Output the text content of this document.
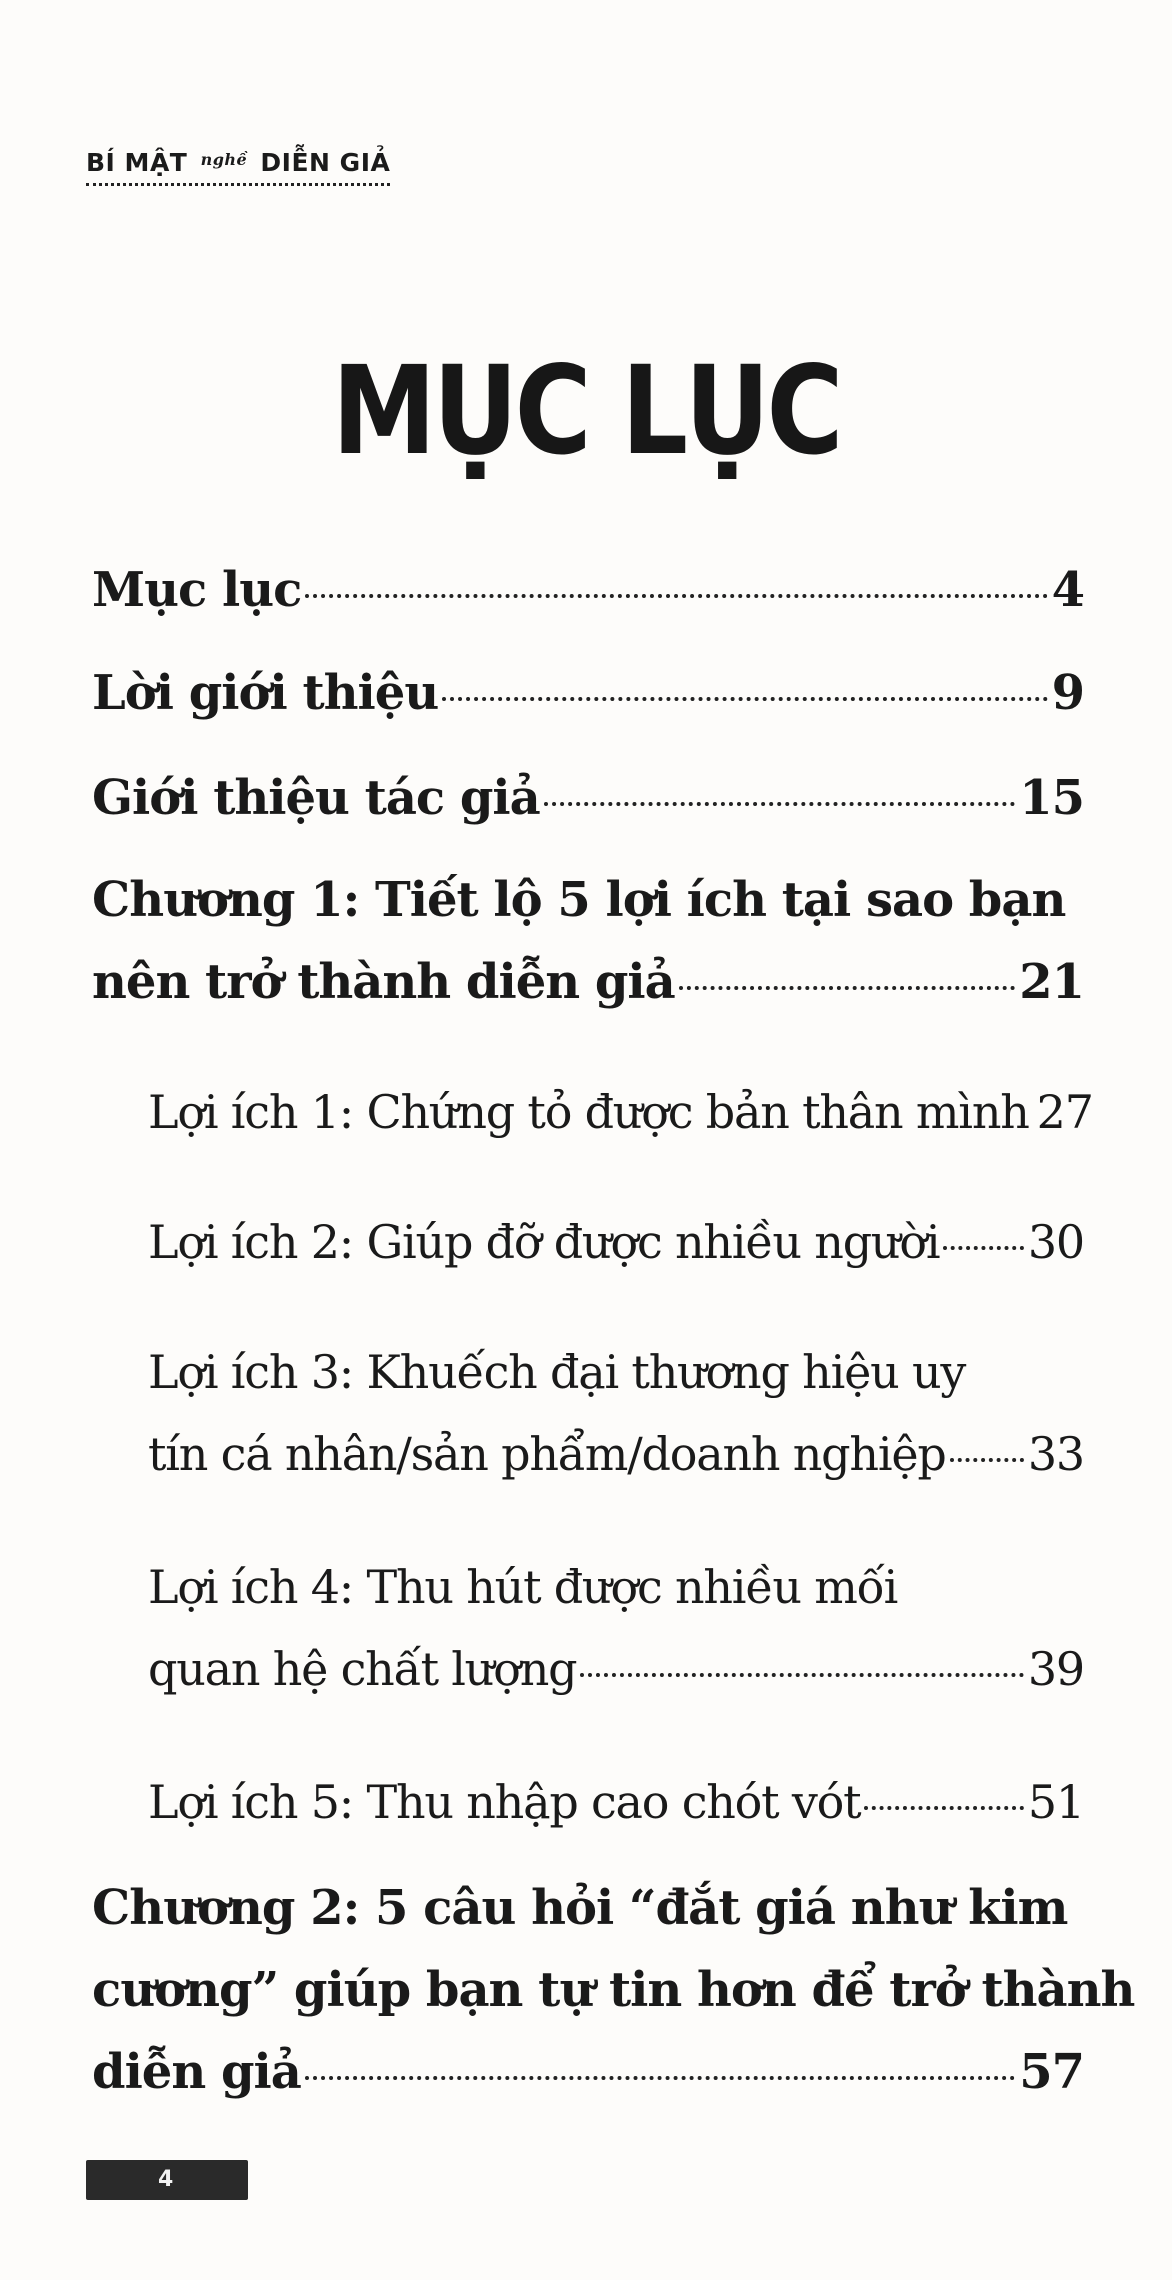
BÍ MẬT $^{nghề}$ DIỄN GIẢ
MỤC LỤC
Mục lục	4
Lời giới thiệu	9
Giới thiệu tác giả	15
Chương 1: Tiết lộ 5 lợi ích tại sao bạn
nên trở thành diễn giả	21
Lợi ích 1: Chứng tỏ được bản thân mình 27
Lợi ích 2: Giúp đỡ được nhiều người 30
Lợi ích 3: Khuếch đại thương hiệu uy
tín cá nhân/sản phẩm/doanh nghiệp 33
Lợi ích 4: Thu hút được nhiều mối
quan hệ chất lượng	39
Lợi ích 5: Thu nhập cao chót vót	51
Chương 2: 5 câu hỏi “đắt giá như kim
cương” giúp bạn tự tin hơn để trở thành
diễn giả	57
4
